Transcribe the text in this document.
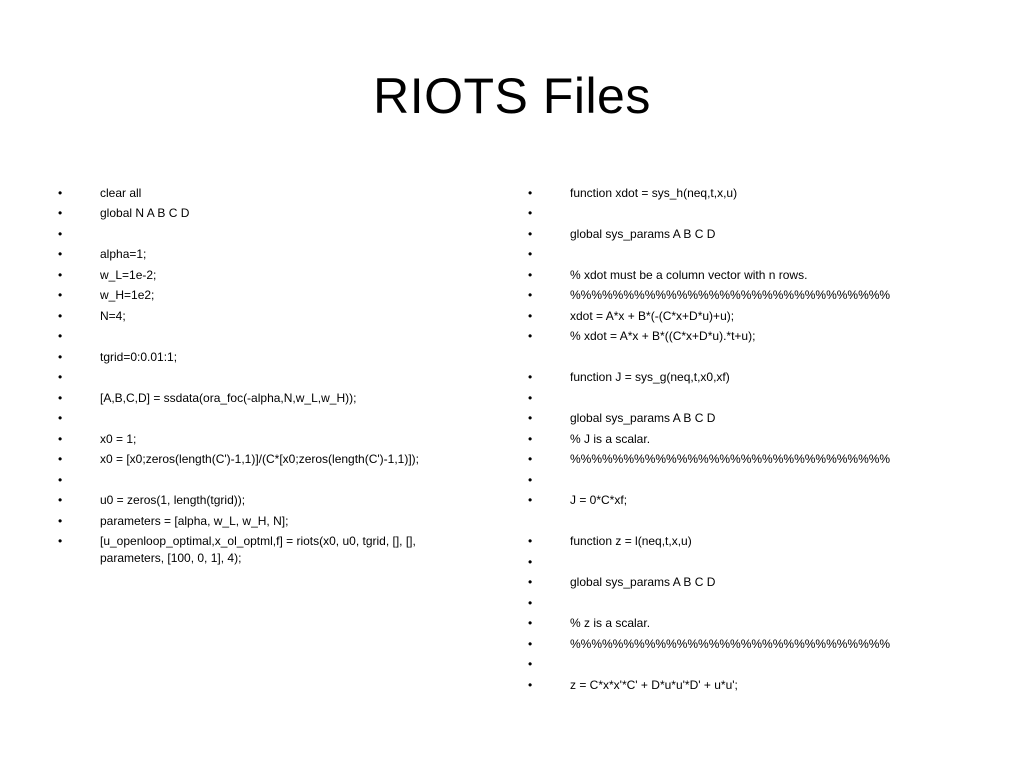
RIOTS Files
•	clear all
•	global N A B C D
•
•	alpha=1;
•	w_L=1e-2;
•	w_H=1e2;
•	N=4;
•
•	tgrid=0:0.01:1;
•
•	[A,B,C,D] = ssdata(ora_foc(-alpha,N,w_L,w_H));
•
•	x0 = 1;
•	x0 = [x0;zeros(length(C')-1,1)]/(C*[x0;zeros(length(C')-1,1)]);
•
•	u0 = zeros(1, length(tgrid));
•	parameters = [alpha, w_L, w_H, N];
•	[u_openloop_optimal,x_ol_optml,f] = riots(x0, u0, tgrid, [], [], parameters, [100, 0, 1], 4);
•	function xdot = sys_h(neq,t,x,u)
•
•	global sys_params A B C D
•
•	% xdot must be a column vector with n rows.
•	%%%%%%%%%%%%%%%%%%%%%%%%%%%%%%
•	xdot = A*x + B*(-(C*x+D*u)+u);
•	% xdot = A*x + B*((C*x+D*u).*t+u);
•	function J = sys_g(neq,t,x0,xf)
•
•	global sys_params A B C D
•	% J is a scalar.
•	%%%%%%%%%%%%%%%%%%%%%%%%%%%%%%
•
•	J = 0*C*xf;
•	function z = l(neq,t,x,u)
•
•	global sys_params A B C D
•
•	% z is a scalar.
•	%%%%%%%%%%%%%%%%%%%%%%%%%%%%%%
•
•	z = C*x*x'*C' + D*u*u'*D' + u*u';
